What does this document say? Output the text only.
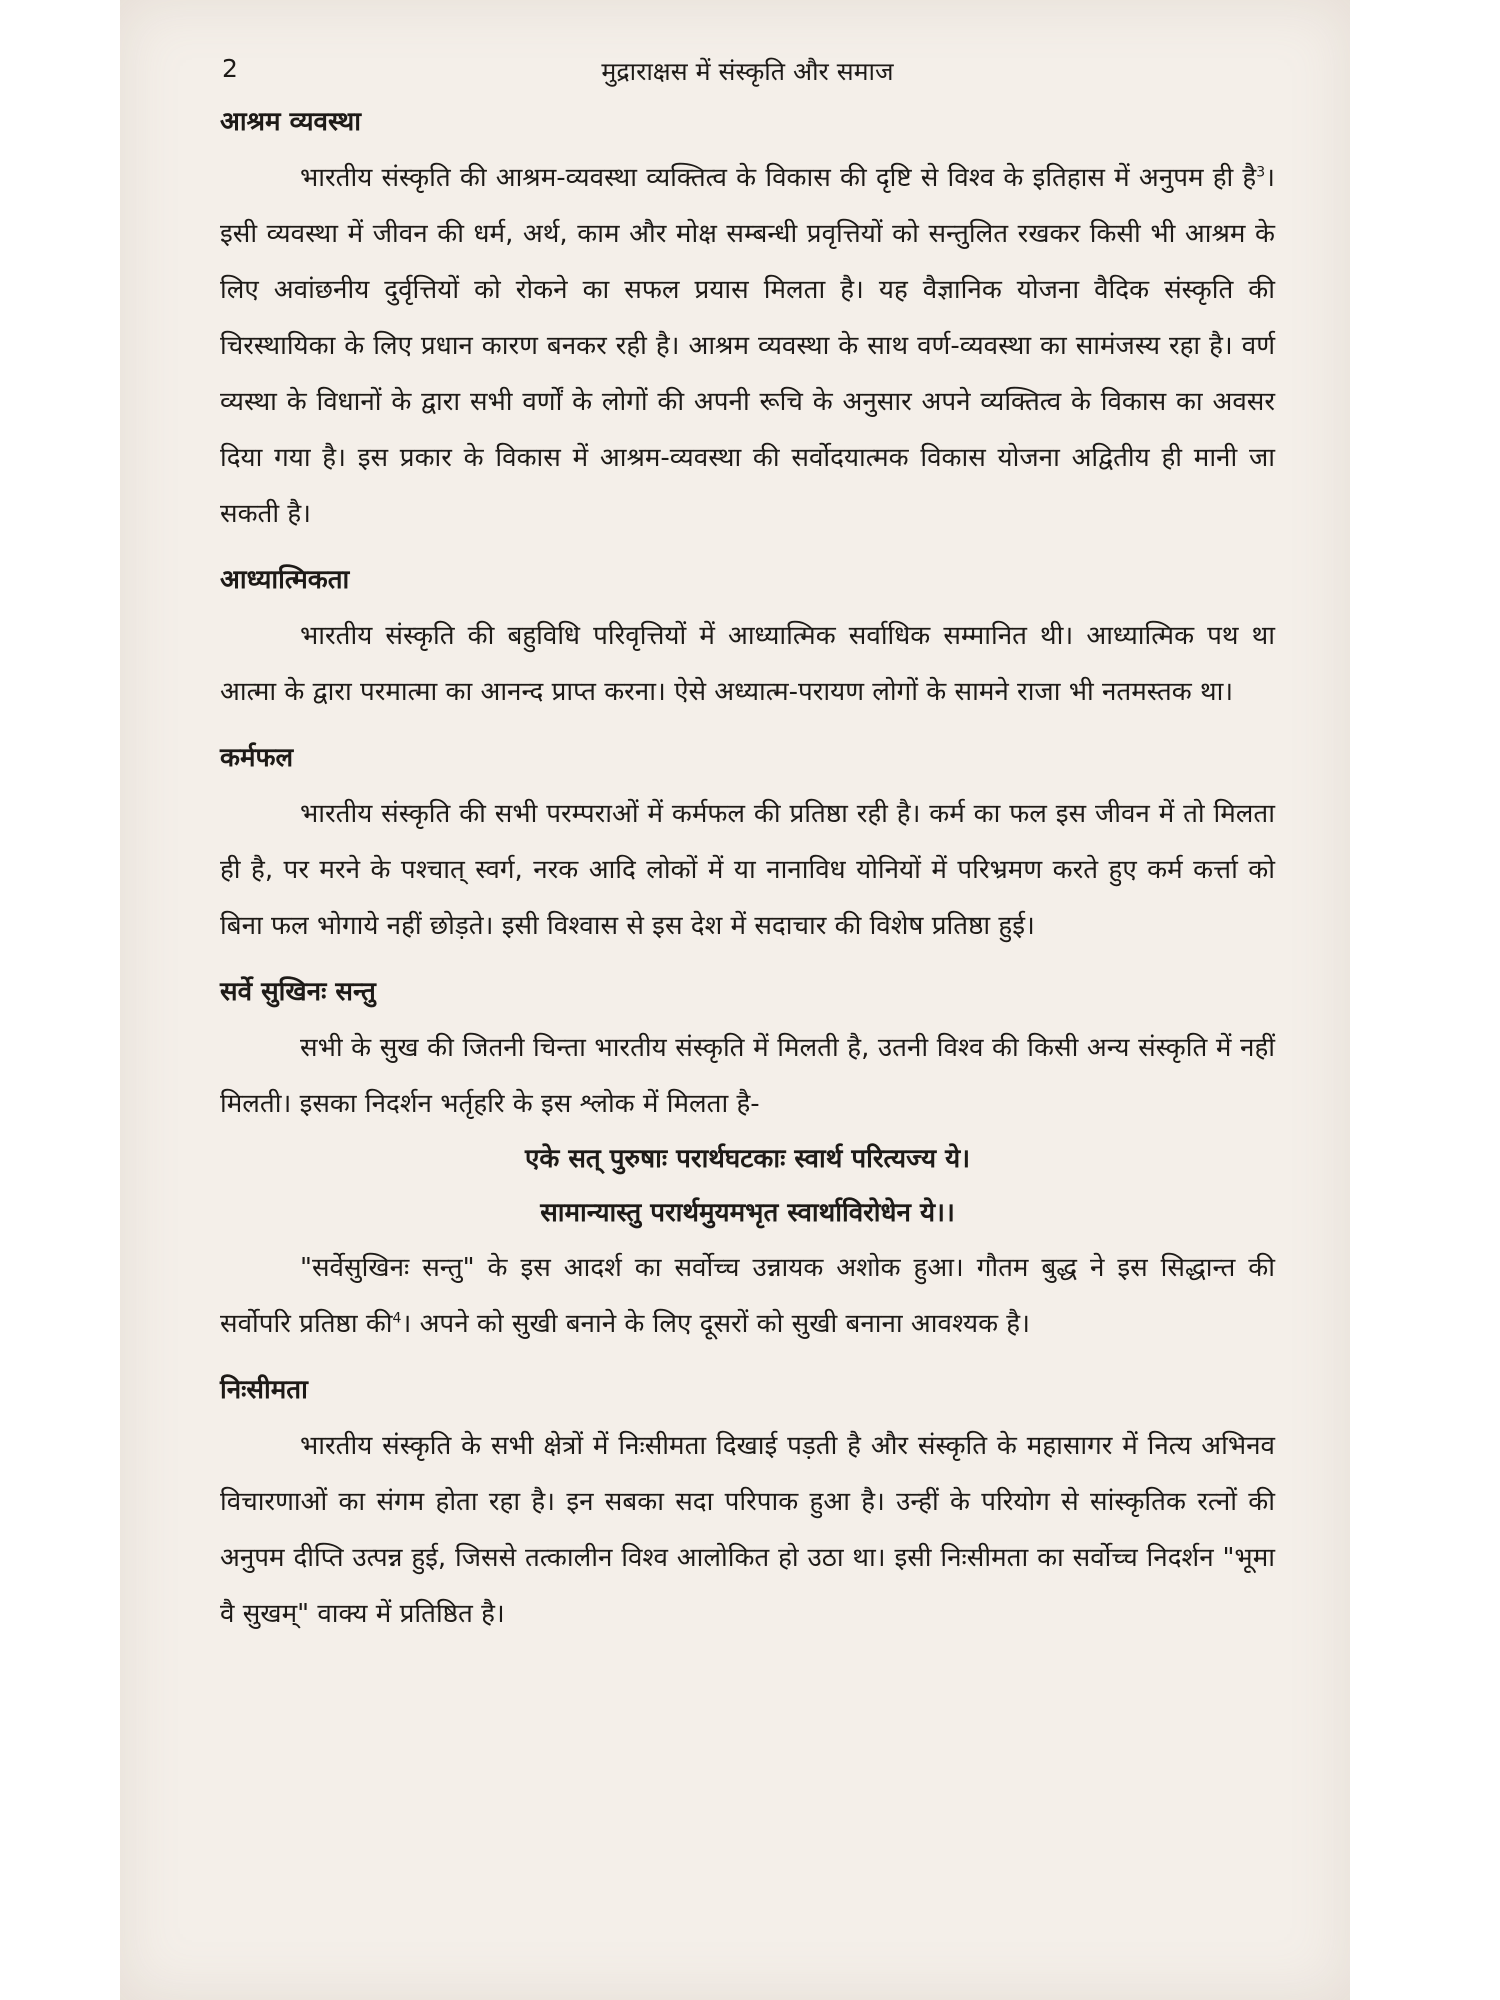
2	मुद्राराक्षस में संस्कृति और समाज
आश्रम व्यवस्था

भारतीय संस्कृति की आश्रम-व्यवस्था व्यक्तित्व के विकास की दृष्टि से विश्व के इतिहास में अनुपम ही है$^3$। इसी व्यवस्था में जीवन की धर्म, अर्थ, काम और मोक्ष सम्बन्धी प्रवृत्तियों को सन्तुलित रखकर किसी भी आश्रम के लिए अवांछनीय दुर्वृत्तियों को रोकने का सफल प्रयास मिलता है। यह वैज्ञानिक योजना वैदिक संस्कृति की चिरस्थायिका के लिए प्रधान कारण बनकर रही है। आश्रम व्यवस्था के साथ वर्ण-व्यवस्था का सामंजस्य रहा है। वर्ण व्यस्था के विधानों के द्वारा सभी वर्णों के लोगों की अपनी रूचि के अनुसार अपने व्यक्तित्व के विकास का अवसर दिया गया है। इस प्रकार के विकास में आश्रम-व्यवस्था की सर्वोदयात्मक विकास योजना अद्वितीय ही मानी जा सकती है।

आध्यात्मिकता

भारतीय संस्कृति की बहुविधि परिवृत्तियों में आध्यात्मिक सर्वाधिक सम्मानित थी। आध्यात्मिक पथ था आत्मा के द्वारा परमात्मा का आनन्द प्राप्त करना। ऐसे अध्यात्म-परायण लोगों के सामने राजा भी नतमस्तक था।

कर्मफल

भारतीय संस्कृति की सभी परम्पराओं में कर्मफल की प्रतिष्ठा रही है। कर्म का फल इस जीवन में तो मिलता ही है, पर मरने के पश्चात् स्वर्ग, नरक आदि लोकों में या नानाविध योनियों में परिभ्रमण करते हुए कर्म कर्त्ता को बिना फल भोगाये नहीं छोड़ते। इसी विश्वास से इस देश में सदाचार की विशेष प्रतिष्ठा हुई।

सर्वे सुखिनः सन्तु

सभी के सुख की जितनी चिन्ता भारतीय संस्कृति में मिलती है, उतनी विश्व की किसी अन्य संस्कृति में नहीं मिलती। इसका निदर्शन भर्तृहरि के इस श्लोक में मिलता है-

एके सत् पुरुषाः परार्थघटकाः स्वार्थ परित्यज्य ये।
सामान्यास्तु परार्थमुयमभृत स्वार्थाविरोधेन ये।।

"सर्वेसुखिनः सन्तु" के इस आदर्श का सर्वोच्च उन्नायक अशोक हुआ। गौतम बुद्ध ने इस सिद्धान्त की सर्वोपरि प्रतिष्ठा की$^4$। अपने को सुखी बनाने के लिए दूसरों को सुखी बनाना आवश्यक है।

निःसीमता

भारतीय संस्कृति के सभी क्षेत्रों में निःसीमता दिखाई पड़ती है और संस्कृति के महासागर में नित्य अभिनव विचारणाओं का संगम होता रहा है। इन सबका सदा परिपाक हुआ है। उन्हीं के परियोग से सांस्कृतिक रत्नों की अनुपम दीप्ति उत्पन्न हुई, जिससे तत्कालीन विश्व आलोकित हो उठा था। इसी निःसीमता का सर्वोच्च निदर्शन "भूमा वै सुखम्" वाक्य में प्रतिष्ठित है।
